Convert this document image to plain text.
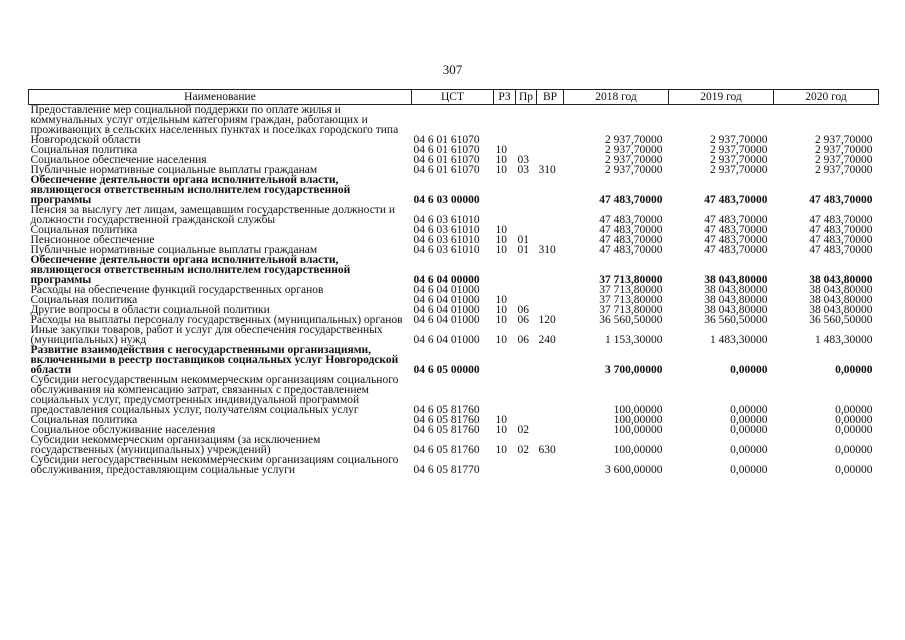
307
Наименование	ЦСТ	РЗ	Пр	ВР	2018 год	2019 год	2020 год
Предоставление мер социальной поддержки по оплате жилья и коммунальных услуг отдельным категориям граждан, работающих и проживающих в сельских населенных пунктах и поселках городского типа Новгородской области	04 6 01 61070				2 937,70000	2 937,70000	2 937,70000
Социальная политика	04 6 01 61070	10			2 937,70000	2 937,70000	2 937,70000
Социальное обеспечение населения	04 6 01 61070	10	03		2 937,70000	2 937,70000	2 937,70000
Публичные нормативные социальные выплаты гражданам	04 6 01 61070	10	03	310	2 937,70000	2 937,70000	2 937,70000
Обеспечение деятельности органа исполнительной власти, являющегося ответственным исполнителем государственной программы	04 6 03 00000				47 483,70000	47 483,70000	47 483,70000
Пенсия за выслугу лет лицам, замещавшим государственные должности и должности государственной гражданской службы	04 6 03 61010				47 483,70000	47 483,70000	47 483,70000
Социальная политика	04 6 03 61010	10			47 483,70000	47 483,70000	47 483,70000
Пенсионное обеспечение	04 6 03 61010	10	01		47 483,70000	47 483,70000	47 483,70000
Публичные нормативные социальные выплаты гражданам	04 6 03 61010	10	01	310	47 483,70000	47 483,70000	47 483,70000
Обеспечение деятельности органа исполнительной власти, являющегося ответственным исполнителем государственной программы	04 6 04 00000				37 713,80000	38 043,80000	38 043,80000
Расходы на обеспечение функций государственных органов	04 6 04 01000				37 713,80000	38 043,80000	38 043,80000
Социальная политика	04 6 04 01000	10			37 713,80000	38 043,80000	38 043,80000
Другие вопросы в области социальной политики	04 6 04 01000	10	06		37 713,80000	38 043,80000	38 043,80000
Расходы на выплаты персоналу государственных (муниципальных) органов	04 6 04 01000	10	06	120	36 560,50000	36 560,50000	36 560,50000
Иные закупки товаров, работ и услуг для обеспечения государственных (муниципальных) нужд	04 6 04 01000	10	06	240	1 153,30000	1 483,30000	1 483,30000
Развитие взаимодействия с негосударственными организациями, включенными в реестр поставщиков социальных услуг Новгородской области	04 6 05 00000				3 700,00000	0,00000	0,00000
Субсидии негосударственным некоммерческим организациям социального обслуживания на компенсацию затрат, связанных с предоставлением социальных услуг, предусмотренных индивидуальной программой предоставления социальных услуг, получателям социальных услуг	04 6 05 81760				100,00000	0,00000	0,00000
Социальная политика	04 6 05 81760	10			100,00000	0,00000	0,00000
Социальное обслуживание населения	04 6 05 81760	10	02		100,00000	0,00000	0,00000
Субсидии некоммерческим организациям (за исключением государственных (муниципальных) учреждений)	04 6 05 81760	10	02	630	100,00000	0,00000	0,00000
Субсидии негосударственным некоммерческим организациям социального обслуживания, предоставляющим социальные услуги	04 6 05 81770				3 600,00000	0,00000	0,00000
